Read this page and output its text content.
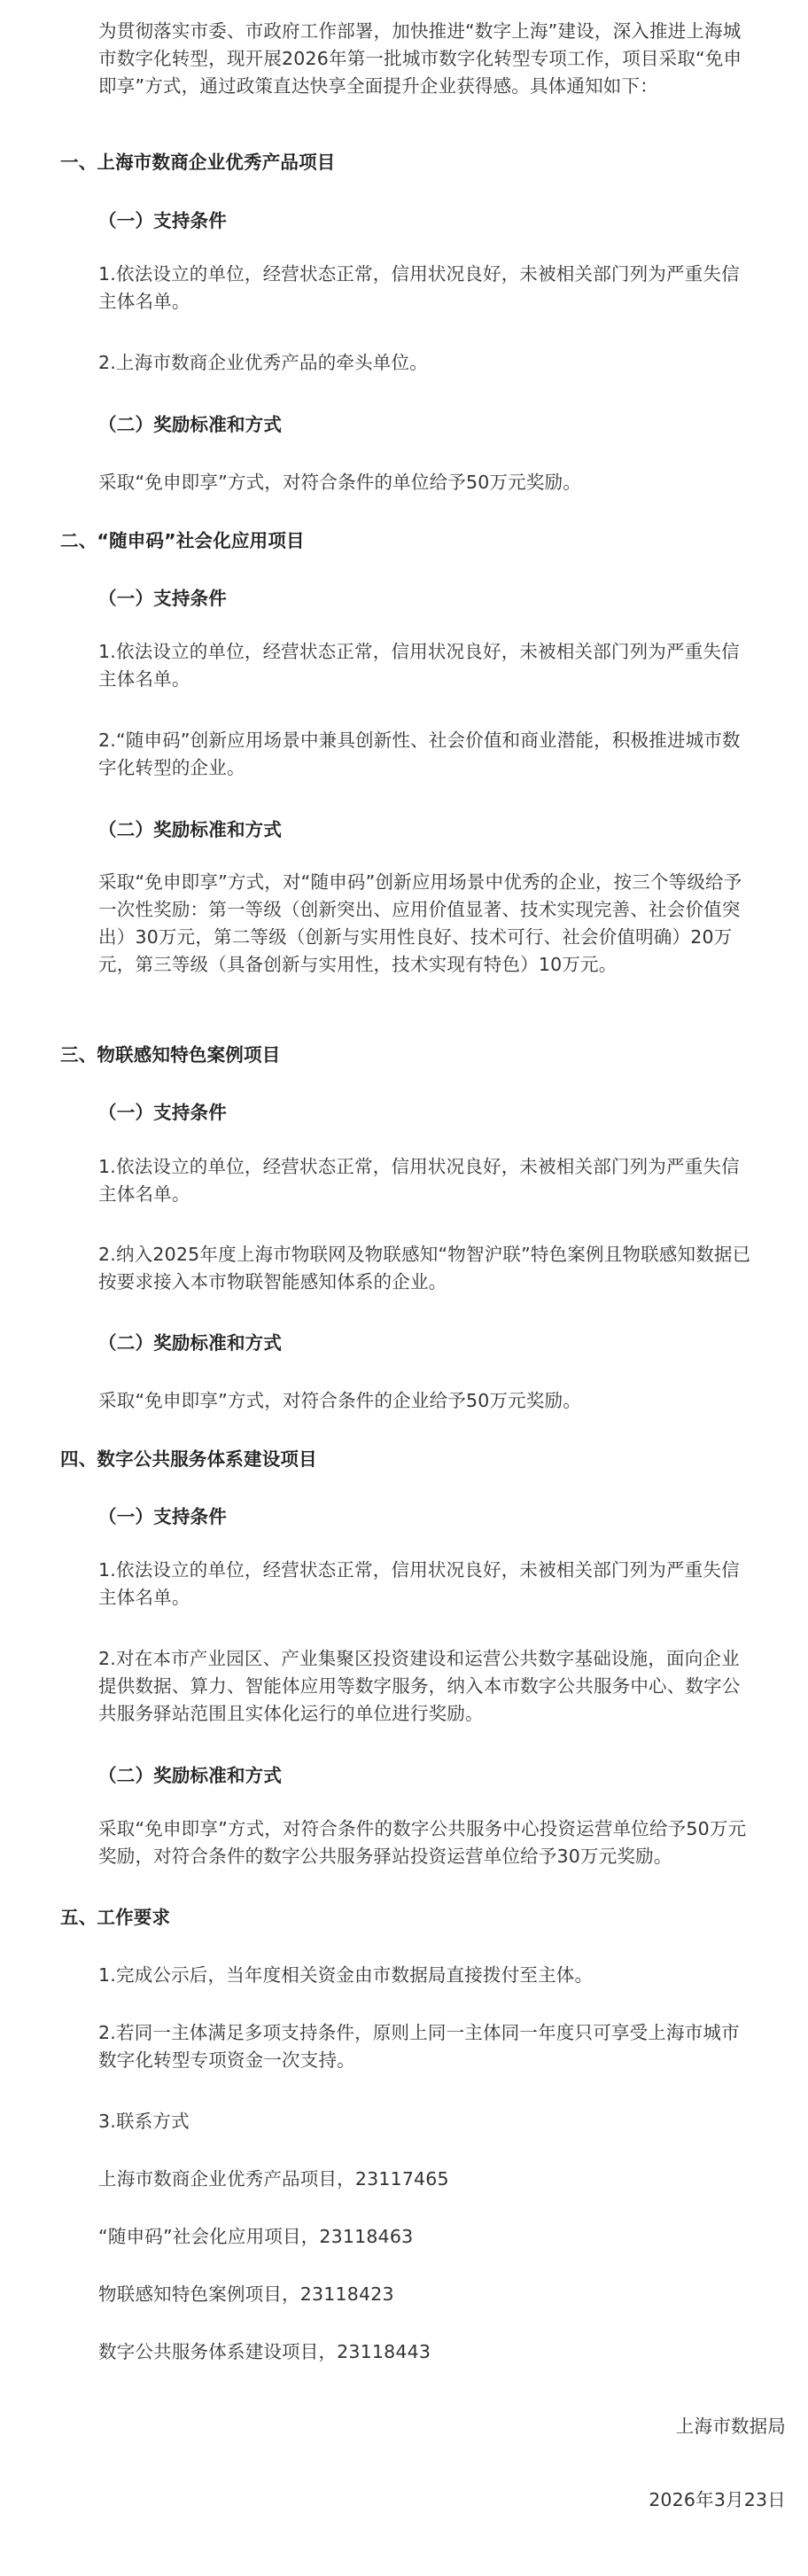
为贯彻落实市委、市政府工作部署，加快推进“数字上海”建设，深入推进上海城市数字化转型，现开展2026年第一批城市数字化转型专项工作，项目采取“免申即享”方式，通过政策直达快享全面提升企业获得感。具体通知如下：

一、上海市数商企业优秀产品项目

（一）支持条件

1.依法设立的单位，经营状态正常，信用状况良好，未被相关部门列为严重失信主体名单。

2.上海市数商企业优秀产品的牵头单位。

（二）奖励标准和方式

采取“免申即享”方式，对符合条件的单位给予50万元奖励。

二、“随申码”社会化应用项目

（一）支持条件

1.依法设立的单位，经营状态正常，信用状况良好，未被相关部门列为严重失信主体名单。

2.“随申码”创新应用场景中兼具创新性、社会价值和商业潜能，积极推进城市数字化转型的企业。

（二）奖励标准和方式

采取“免申即享”方式，对“随申码”创新应用场景中优秀的企业，按三个等级给予一次性奖励：第一等级（创新突出、应用价值显著、技术实现完善、社会价值突出）30万元，第二等级（创新与实用性良好、技术可行、社会价值明确）20万元，第三等级（具备创新与实用性，技术实现有特色）10万元。

三、物联感知特色案例项目

（一）支持条件

1.依法设立的单位，经营状态正常，信用状况良好，未被相关部门列为严重失信主体名单。

2.纳入2025年度上海市物联网及物联感知“物智沪联”特色案例且物联感知数据已按要求接入本市物联智能感知体系的企业。

（二）奖励标准和方式

采取“免申即享”方式，对符合条件的企业给予50万元奖励。

四、数字公共服务体系建设项目

（一）支持条件

1.依法设立的单位，经营状态正常，信用状况良好，未被相关部门列为严重失信主体名单。

2.对在本市产业园区、产业集聚区投资建设和运营公共数字基础设施，面向企业提供数据、算力、智能体应用等数字服务，纳入本市数字公共服务中心、数字公共服务驿站范围且实体化运行的单位进行奖励。

（二）奖励标准和方式

采取“免申即享”方式，对符合条件的数字公共服务中心投资运营单位给予50万元奖励，对符合条件的数字公共服务驿站投资运营单位给予30万元奖励。

五、工作要求

1.完成公示后，当年度相关资金由市数据局直接拨付至主体。

2.若同一主体满足多项支持条件，原则上同一主体同一年度只可享受上海市城市数字化转型专项资金一次支持。

3.联系方式

上海市数商企业优秀产品项目，23117465

“随申码”社会化应用项目，23118463

物联感知特色案例项目，23118423

数字公共服务体系建设项目，23118443

上海市数据局

2026年3月23日
